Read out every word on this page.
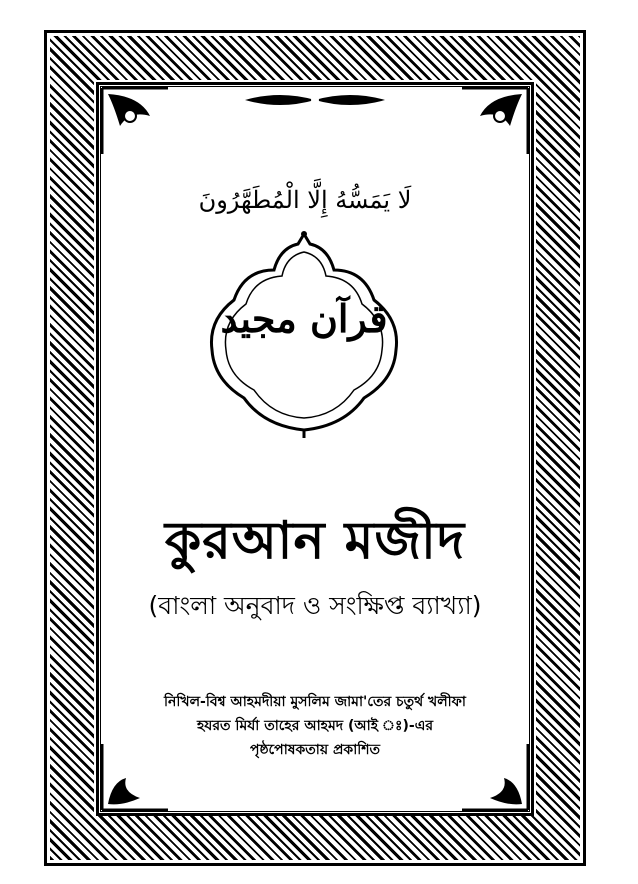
لَا يَمَسُّهُ إِلَّا الْمُطَهَّرُونَ
قرآن مجيد
কুরআন মজীদ
(বাংলা অনুবাদ ও সংক্ষিপ্ত ব্যাখ্যা)
নিখিল-বিশ্ব আহমদীয়া মুসলিম জামা'তের চতুর্থ খলীফা
হযরত মির্যা তাহের আহমদ (আই ঃ)-এর
পৃষ্ঠপোষকতায় প্রকাশিত
